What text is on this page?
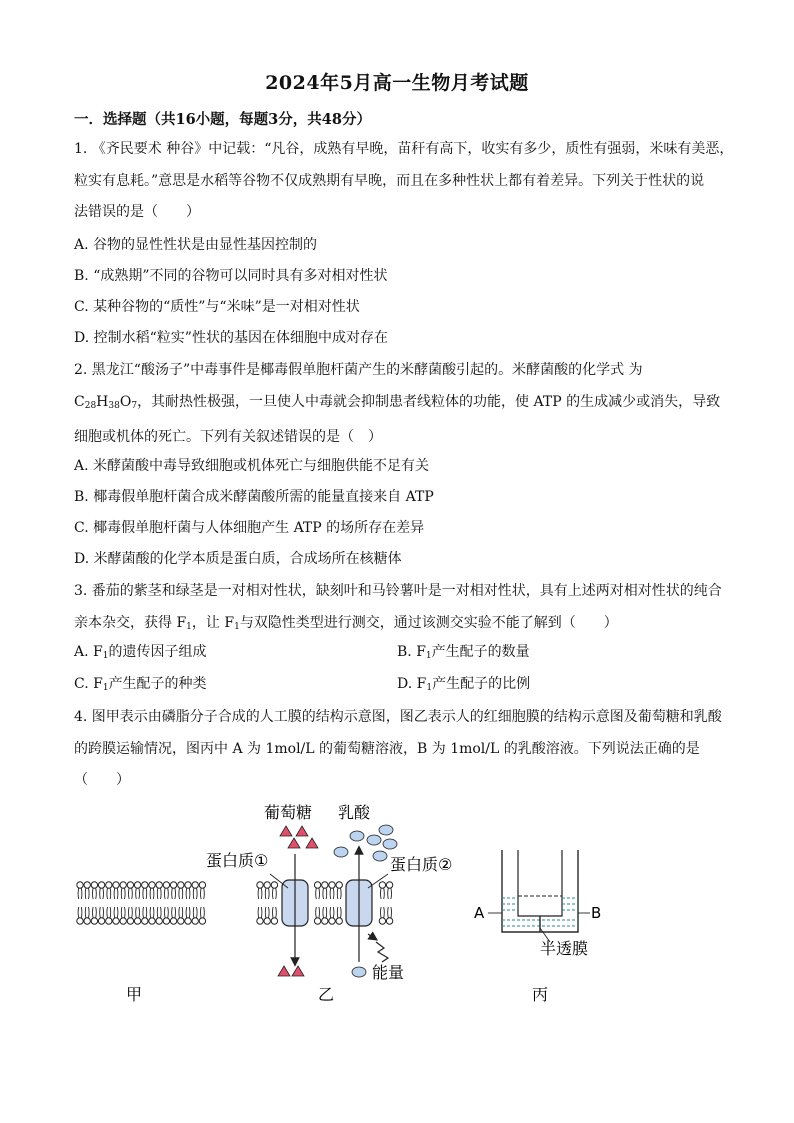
2024年5月高一生物月考试题
一．选择题（共16小题，每题3分，共48分）
1. 《齐民要术 种谷》中记载：“凡谷，成熟有早晚，苗秆有高下，收实有多少，质性有强弱，米味有美恶，
粒实有息耗。”意思是水稻等谷物不仅成熟期有早晚，而且在多种性状上都有着差异。下列关于性状的说
法错误的是（　　）
A. 谷物的显性性状是由显性基因控制的
B. “成熟期”不同的谷物可以同时具有多对相对性状
C. 某种谷物的“质性”与“米味”是一对相对性状
D. 控制水稻“粒实”性状的基因在体细胞中成对存在
2. 黑龙江“酸汤子”中毒事件是椰毒假单胞杆菌产生的米酵菌酸引起的。米酵菌酸的化学式 为
$C_{28}H_{38}O_7$，其耐热性极强，一旦使人中毒就会抑制患者线粒体的功能，使 ATP 的生成减少或消失，导致
细胞或机体的死亡。下列有关叙述错误的是（　）
A. 米酵菌酸中毒导致细胞或机体死亡与细胞供能不足有关
B. 椰毒假单胞杆菌合成米酵菌酸所需的能量直接来自 ATP
C. 椰毒假单胞杆菌与人体细胞产生 ATP 的场所存在差异
D. 米酵菌酸的化学本质是蛋白质，合成场所在核糖体
3. 番茄的紫茎和绿茎是一对相对性状，缺刻叶和马铃薯叶是一对相对性状，具有上述两对相对性状的纯合
亲本杂交，获得 $F_1$，让 $F_1$与双隐性类型进行测交，通过该测交实验不能了解到（　　）
A. $F_1$的遗传因子组成	B. $F_1$产生配子的数量
C. $F_1$产生配子的种类	D. $F_1$产生配子的比例
4. 图甲表示由磷脂分子合成的人工膜的结构示意图，图乙表示人的红细胞膜的结构示意图及葡萄糖和乳酸
的跨膜运输情况，图丙中 A 为 1mol/L 的葡萄糖溶液，B 为 1mol/L 的乳酸溶液。下列说法正确的是
（　　）
葡萄糖 乳酸
蛋白质①	蛋白质②
能量
A	B
半透膜
甲	乙	丙
